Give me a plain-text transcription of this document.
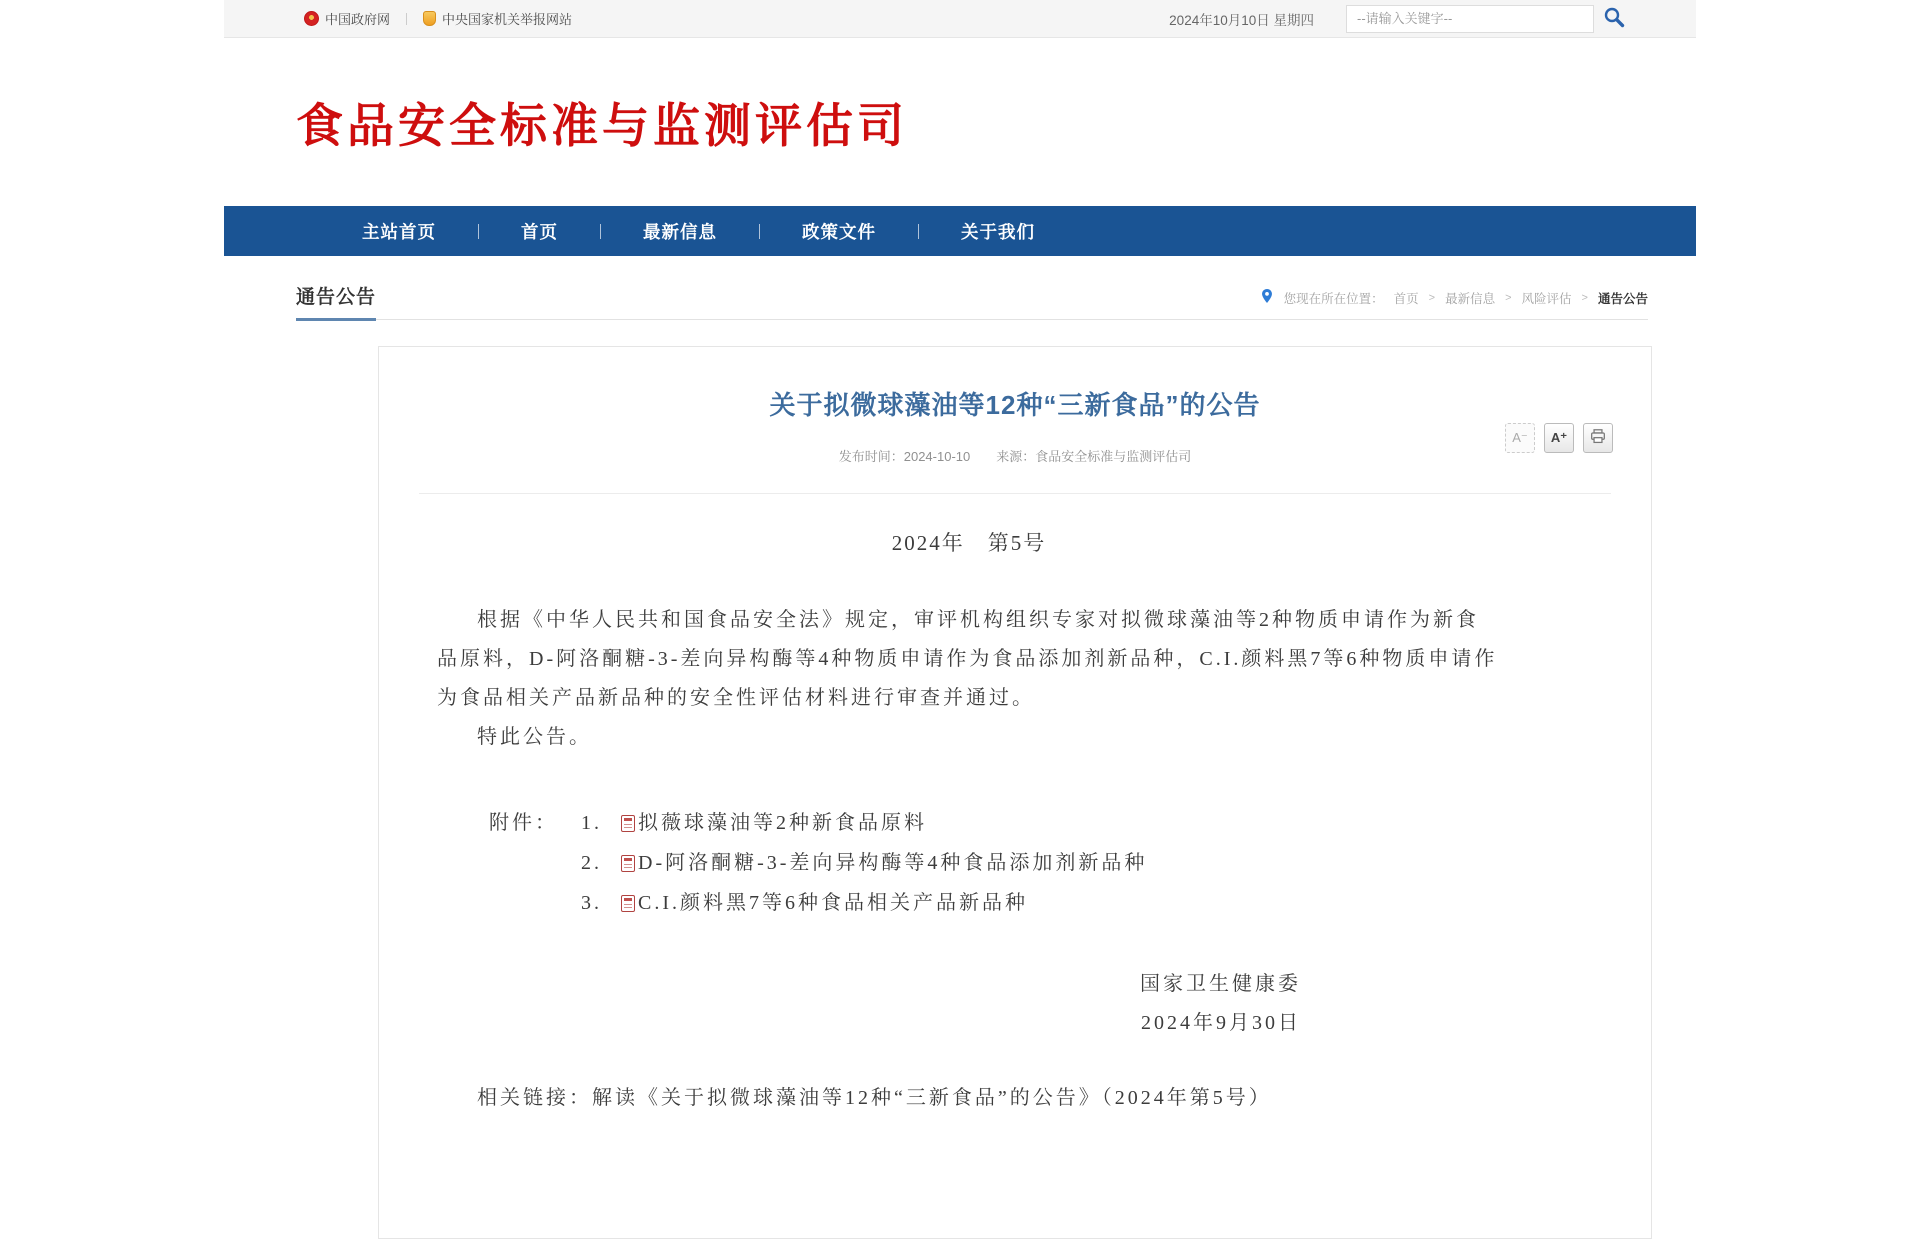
中国政府网	中央国家机关举报网站	2024年10月10日 星期四
--请输入关键字--
食品安全标准与监测评估司
主站首页	首页	最新信息	政策文件	关于我们
通告公告	您现在所在位置： 首页 > 最新信息 > 风险评估 > 通告公告
关于拟微球藻油等12种“三新食品”的公告
发布时间：2024-10-10 来源：食品安全标准与监测评估司
A⁻	A⁺
2024年　第5号

根据《中华人民共和国食品安全法》规定，审评机构组织专家对拟微球藻油等2种物质申请作为新食品原料，D-阿洛酮糖-3-差向异构酶等4种物质申请作为食品添加剂新品种，C.I.颜料黑7等6种物质申请作为食品相关产品新品种的安全性评估材料进行审查并通过。

特此公告。

附件：	1.	拟薇球藻油等2种新食品原料
2.	D-阿洛酮糖-3-差向异构酶等4种食品添加剂新品种
3.	C.I.颜料黑7等6种食品相关产品新品种
国家卫生健康委
2024年9月30日

相关链接：解读《关于拟微球藻油等12种“三新食品”的公告》（2024年第5号）
